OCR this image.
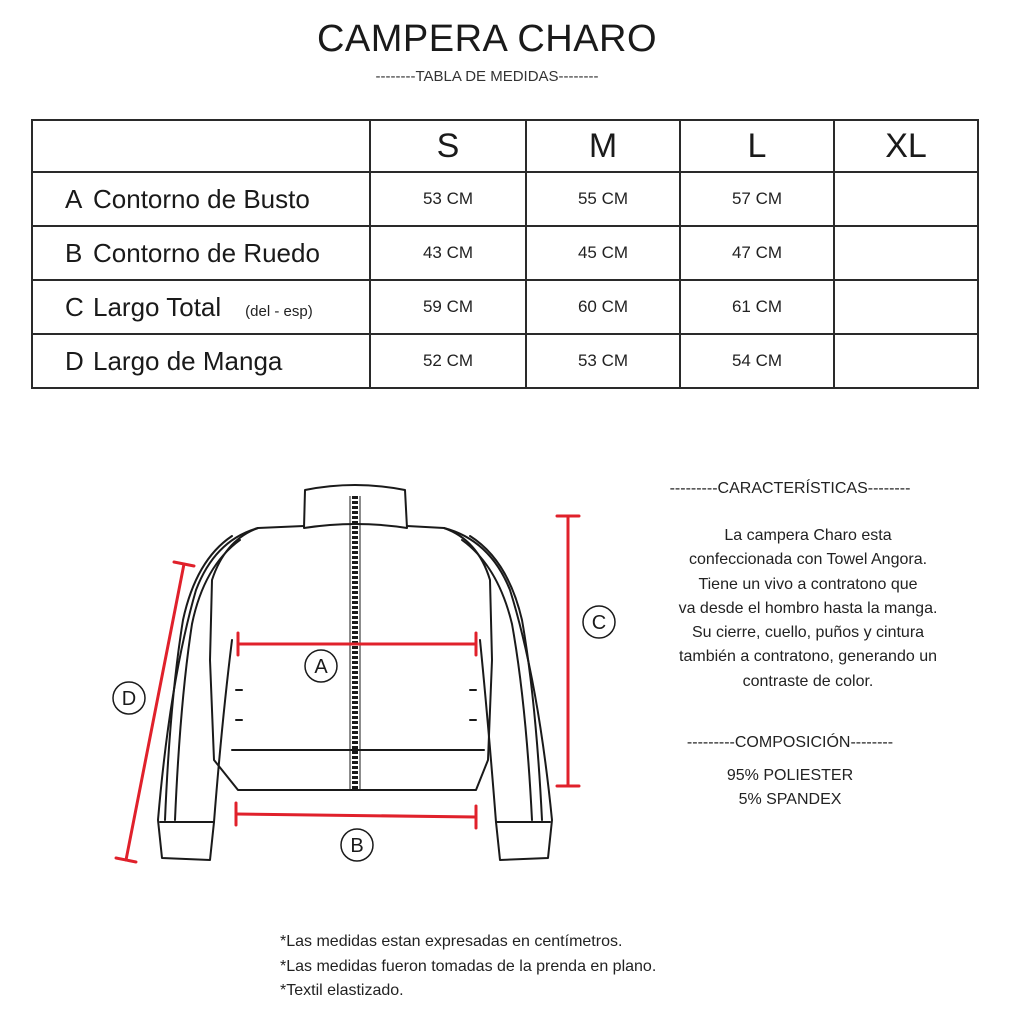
CAMPERA CHARO
--------TABLA DE MEDIDAS--------
	S	M	L	XL
A Contorno de Busto	53 CM	55 CM	57 CM	
B Contorno de Ruedo	43 CM	45 CM	47 CM	
C Largo Total (del - esp)	59 CM	60 CM	61 CM	
D Largo de Manga	52 CM	53 CM	54 CM	
A
B
C
D
---------CARACTERÍSTICAS--------
La campera Charo esta
confeccionada con Towel Angora.
Tiene un vivo a contratono que
va desde el hombro hasta la manga.
Su cierre, cuello, puños y cintura
también a contratono, generando un
contraste de color.
---------COMPOSICIÓN--------
95% POLIESTER
5% SPANDEX
*Las medidas estan expresadas en centímetros.
*Las medidas fueron tomadas de la prenda en plano.
*Textil elastizado.
